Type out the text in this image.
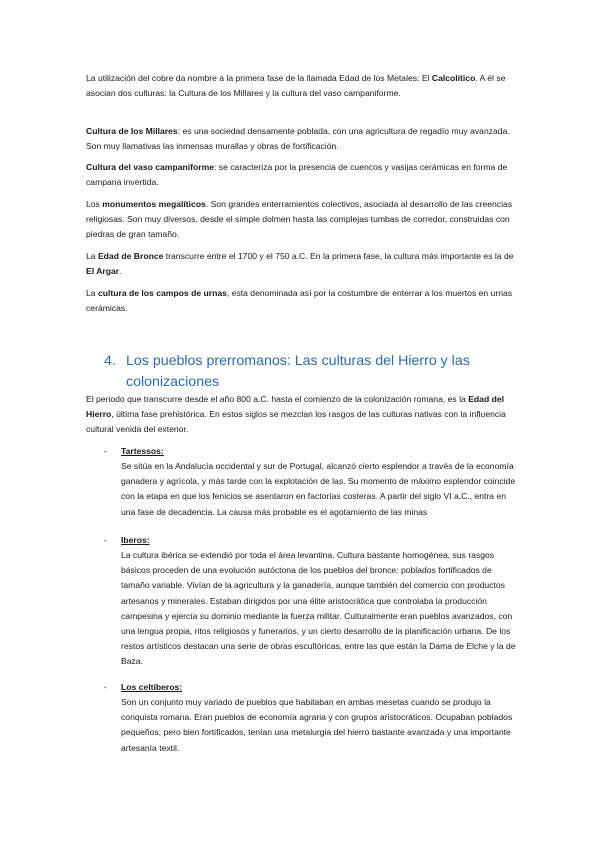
La utilización del cobre da nombre a la primera fase de la llamada Edad de los Metales: El Calcolítico. A él se asocian dos culturas: la Cultura de los Millares y la cultura del vaso campaniforme.

Cultura de los Millares: es una sociedad densamente poblada, con una agricultura de regadío muy avanzada. Son muy llamativas las inmensas murallas y obras de fortificación.

Cultura del vaso campaniforme: se caracteriza por la presencia de cuencos y vasijas cerámicas en forma de campana invertida.

Los monumentos megalíticos. Son grandes enterramientos colectivos, asociada al desarrollo de las creencias religiosas. Son muy diversos, desde el simple dolmen hasta las complejas tumbas de corredor, construidas con piedras de gran tamaño.

La Edad de Bronce transcurre entre el 1700 y el 750 a.C. En la primera fase, la cultura más importante es la de El Argar.

La cultura de los campos de urnas, esta denominada así por la costumbre de enterrar a los muertos en urnas cerámicas.

4. Los pueblos prerromanos: Las culturas del Hierro y las
colonizaciones

El periodo que transcurre desde el año 800 a.C. hasta el comienzo de la colonización romana, es la Edad del Hierro, última fase prehistórica. En estos siglos se mezclan los rasgos de las culturas nativas con la influencia cultural venida del exterior.

- Tartessos:

Se sitúa en la Andalucía occidental y sur de Portugal, alcanzó cierto esplendor a través de la economía ganadera y agrícola, y más tarde con la explotación de las. Su momento de máximo esplendor coincide con la etapa en que los fenicios se asentaron en factorías costeras. A partir del siglo VI a.C., entra en una fase de decadencia. La causa más probable es el agotamiento de las minas

- Iberos:

La cultura ibérica se extendió por toda el área levantina. Cultura bastante homogénea, sus rasgos básicos proceden de una evolución autóctona de los pueblos del bronce: poblados fortificados de tamaño variable. Vivían de la agricultura y la ganadería, aunque también del comercio con productos artesanos y minerales. Estaban dirigidos por una élite aristocrática que controlaba la producción campesina y ejercía su dominio mediante la fuerza militar. Culturalmente eran pueblos avanzados, con una lengua propia, ritos religiosos y funerarios, y un cierto desarrollo de la planificación urbana. De los restos artísticos destacan una serie de obras escultóricas, entre las que están la Dama de Elche y la de Baza.

- Los celtíberos:

Son un conjunto muy variado de pueblos que habitaban en ambas mesetas cuando se produjo la conquista romana. Eran pueblos de economía agraria y con grupos aristocráticos. Ocupaban poblados pequeños, pero bien fortificados, tenían una metalurgia del hierro bastante avanzada y una importante artesanía textil.
